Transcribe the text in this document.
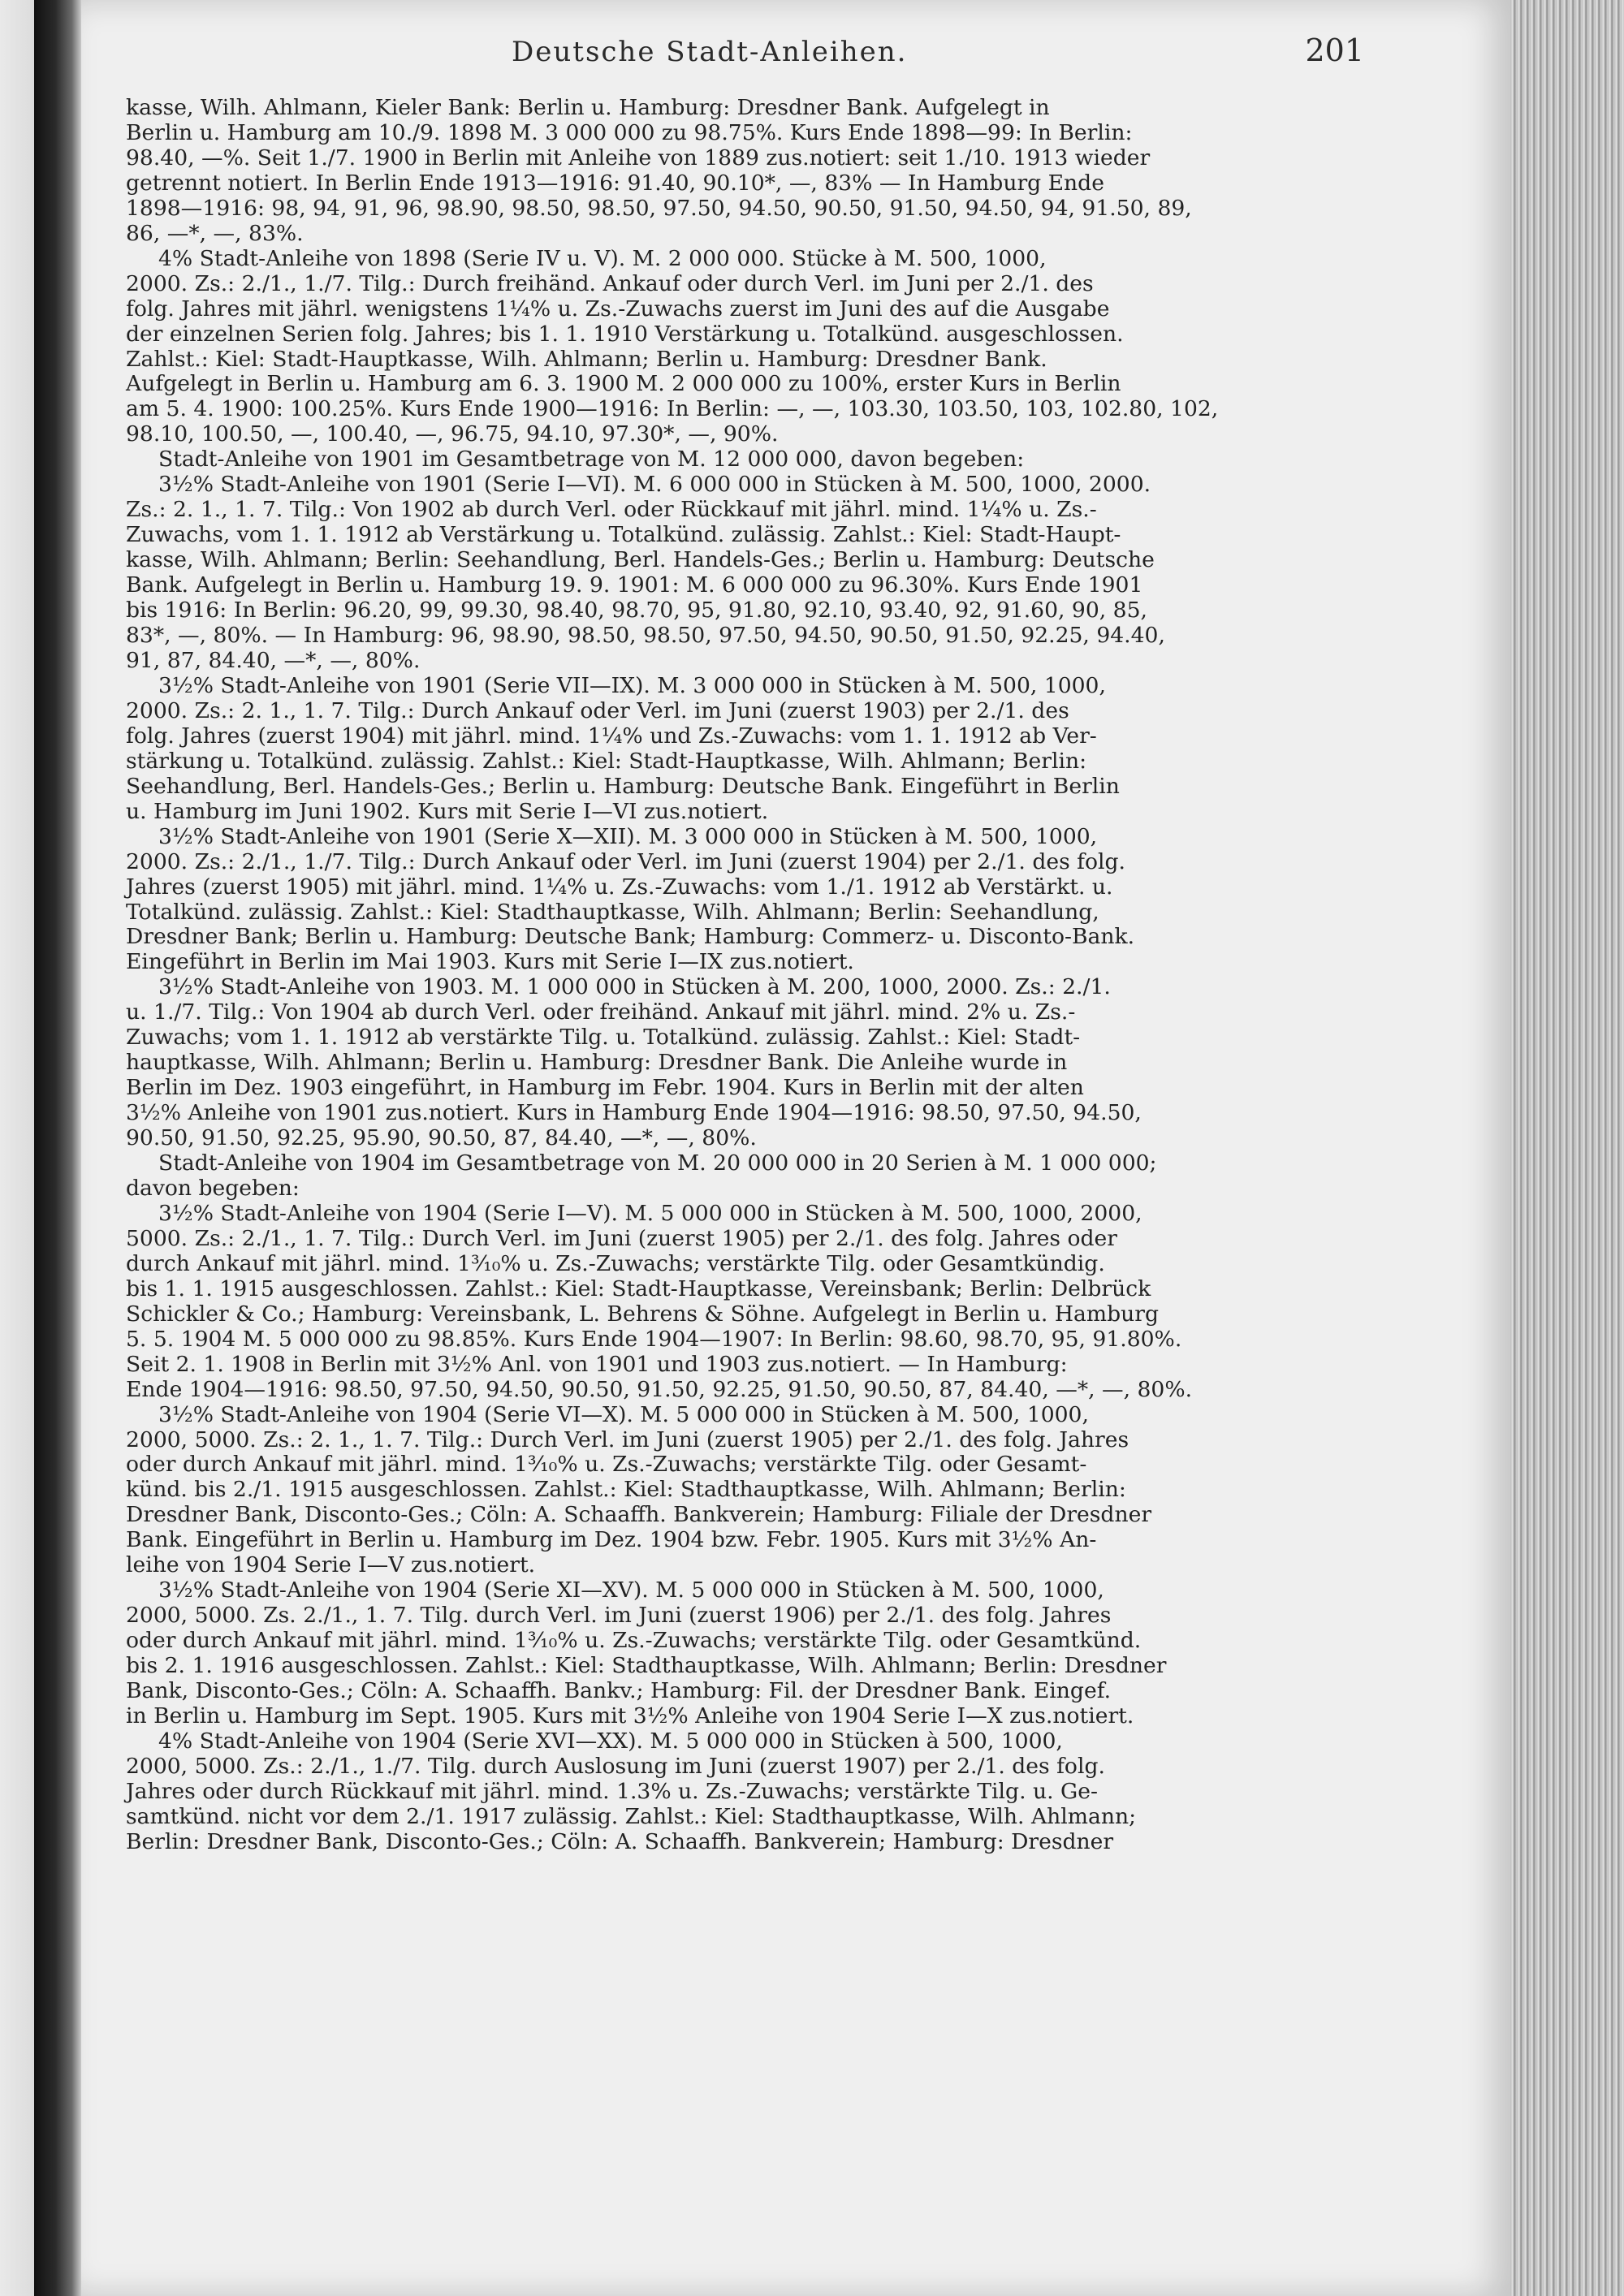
Deutsche Stadt-Anleihen.	201
kasse, Wilh. Ahlmann, Kieler Bank: Berlin u. Hamburg: Dresdner Bank. Aufgelegt in
Berlin u. Hamburg am 10./9. 1898 M. 3 000 000 zu 98.75%. Kurs Ende 1898—99: In Berlin:
98.40, —%. Seit 1./7. 1900 in Berlin mit Anleihe von 1889 zus.notiert: seit 1./10. 1913 wieder
getrennt notiert. In Berlin Ende 1913—1916: 91.40, 90.10*, —, 83% — In Hamburg Ende
1898—1916: 98, 94, 91, 96, 98.90, 98.50, 98.50, 97.50, 94.50, 90.50, 91.50, 94.50, 94, 91.50, 89,
86, —*, —, 83%.
4% Stadt-Anleihe von 1898 (Serie IV u. V). M. 2 000 000. Stücke à M. 500, 1000,
2000. Zs.: 2./1., 1./7. Tilg.: Durch freihänd. Ankauf oder durch Verl. im Juni per 2./1. des
folg. Jahres mit jährl. wenigstens 1¼% u. Zs.-Zuwachs zuerst im Juni des auf die Ausgabe
der einzelnen Serien folg. Jahres; bis 1. 1. 1910 Verstärkung u. Totalkünd. ausgeschlossen.
Zahlst.: Kiel: Stadt-Hauptkasse, Wilh. Ahlmann; Berlin u. Hamburg: Dresdner Bank.
Aufgelegt in Berlin u. Hamburg am 6. 3. 1900 M. 2 000 000 zu 100%, erster Kurs in Berlin
am 5. 4. 1900: 100.25%. Kurs Ende 1900—1916: In Berlin: —, —, 103.30, 103.50, 103, 102.80, 102,
98.10, 100.50, —, 100.40, —, 96.75, 94.10, 97.30*, —, 90%.
Stadt-Anleihe von 1901 im Gesamtbetrage von M. 12 000 000, davon begeben:
3½% Stadt-Anleihe von 1901 (Serie I—VI). M. 6 000 000 in Stücken à M. 500, 1000, 2000.
Zs.: 2. 1., 1. 7. Tilg.: Von 1902 ab durch Verl. oder Rückkauf mit jährl. mind. 1¼% u. Zs.-
Zuwachs, vom 1. 1. 1912 ab Verstärkung u. Totalkünd. zulässig. Zahlst.: Kiel: Stadt-Haupt-
kasse, Wilh. Ahlmann; Berlin: Seehandlung, Berl. Handels-Ges.; Berlin u. Hamburg: Deutsche
Bank. Aufgelegt in Berlin u. Hamburg 19. 9. 1901: M. 6 000 000 zu 96.30%. Kurs Ende 1901
bis 1916: In Berlin: 96.20, 99, 99.30, 98.40, 98.70, 95, 91.80, 92.10, 93.40, 92, 91.60, 90, 85,
83*, —, 80%. — In Hamburg: 96, 98.90, 98.50, 98.50, 97.50, 94.50, 90.50, 91.50, 92.25, 94.40,
91, 87, 84.40, —*, —, 80%.
3½% Stadt-Anleihe von 1901 (Serie VII—IX). M. 3 000 000 in Stücken à M. 500, 1000,
2000. Zs.: 2. 1., 1. 7. Tilg.: Durch Ankauf oder Verl. im Juni (zuerst 1903) per 2./1. des
folg. Jahres (zuerst 1904) mit jährl. mind. 1¼% und Zs.-Zuwachs: vom 1. 1. 1912 ab Ver-
stärkung u. Totalkünd. zulässig. Zahlst.: Kiel: Stadt-Hauptkasse, Wilh. Ahlmann; Berlin:
Seehandlung, Berl. Handels-Ges.; Berlin u. Hamburg: Deutsche Bank. Eingeführt in Berlin
u. Hamburg im Juni 1902. Kurs mit Serie I—VI zus.notiert.
3½% Stadt-Anleihe von 1901 (Serie X—XII). M. 3 000 000 in Stücken à M. 500, 1000,
2000. Zs.: 2./1., 1./7. Tilg.: Durch Ankauf oder Verl. im Juni (zuerst 1904) per 2./1. des folg.
Jahres (zuerst 1905) mit jährl. mind. 1¼% u. Zs.-Zuwachs: vom 1./1. 1912 ab Verstärkt. u.
Totalkünd. zulässig. Zahlst.: Kiel: Stadthauptkasse, Wilh. Ahlmann; Berlin: Seehandlung,
Dresdner Bank; Berlin u. Hamburg: Deutsche Bank; Hamburg: Commerz- u. Disconto-Bank.
Eingeführt in Berlin im Mai 1903. Kurs mit Serie I—IX zus.notiert.
3½% Stadt-Anleihe von 1903. M. 1 000 000 in Stücken à M. 200, 1000, 2000. Zs.: 2./1.
u. 1./7. Tilg.: Von 1904 ab durch Verl. oder freihänd. Ankauf mit jährl. mind. 2% u. Zs.-
Zuwachs; vom 1. 1. 1912 ab verstärkte Tilg. u. Totalkünd. zulässig. Zahlst.: Kiel: Stadt-
hauptkasse, Wilh. Ahlmann; Berlin u. Hamburg: Dresdner Bank. Die Anleihe wurde in
Berlin im Dez. 1903 eingeführt, in Hamburg im Febr. 1904. Kurs in Berlin mit der alten
3½% Anleihe von 1901 zus.notiert. Kurs in Hamburg Ende 1904—1916: 98.50, 97.50, 94.50,
90.50, 91.50, 92.25, 95.90, 90.50, 87, 84.40, —*, —, 80%.
Stadt-Anleihe von 1904 im Gesamtbetrage von M. 20 000 000 in 20 Serien à M. 1 000 000;
davon begeben:
3½% Stadt-Anleihe von 1904 (Serie I—V). M. 5 000 000 in Stücken à M. 500, 1000, 2000,
5000. Zs.: 2./1., 1. 7. Tilg.: Durch Verl. im Juni (zuerst 1905) per 2./1. des folg. Jahres oder
durch Ankauf mit jährl. mind. 1³⁄₁₀% u. Zs.-Zuwachs; verstärkte Tilg. oder Gesamtkündig.
bis 1. 1. 1915 ausgeschlossen. Zahlst.: Kiel: Stadt-Hauptkasse, Vereinsbank; Berlin: Delbrück
Schickler & Co.; Hamburg: Vereinsbank, L. Behrens & Söhne. Aufgelegt in Berlin u. Hamburg
5. 5. 1904 M. 5 000 000 zu 98.85%. Kurs Ende 1904—1907: In Berlin: 98.60, 98.70, 95, 91.80%.
Seit 2. 1. 1908 in Berlin mit 3½% Anl. von 1901 und 1903 zus.notiert. — In Hamburg:
Ende 1904—1916: 98.50, 97.50, 94.50, 90.50, 91.50, 92.25, 91.50, 90.50, 87, 84.40, —*, —, 80%.
3½% Stadt-Anleihe von 1904 (Serie VI—X). M. 5 000 000 in Stücken à M. 500, 1000,
2000, 5000. Zs.: 2. 1., 1. 7. Tilg.: Durch Verl. im Juni (zuerst 1905) per 2./1. des folg. Jahres
oder durch Ankauf mit jährl. mind. 1³⁄₁₀% u. Zs.-Zuwachs; verstärkte Tilg. oder Gesamt-
künd. bis 2./1. 1915 ausgeschlossen. Zahlst.: Kiel: Stadthauptkasse, Wilh. Ahlmann; Berlin:
Dresdner Bank, Disconto-Ges.; Cöln: A. Schaaffh. Bankverein; Hamburg: Filiale der Dresdner
Bank. Eingeführt in Berlin u. Hamburg im Dez. 1904 bzw. Febr. 1905. Kurs mit 3½% An-
leihe von 1904 Serie I—V zus.notiert.
3½% Stadt-Anleihe von 1904 (Serie XI—XV). M. 5 000 000 in Stücken à M. 500, 1000,
2000, 5000. Zs. 2./1., 1. 7. Tilg. durch Verl. im Juni (zuerst 1906) per 2./1. des folg. Jahres
oder durch Ankauf mit jährl. mind. 1³⁄₁₀% u. Zs.-Zuwachs; verstärkte Tilg. oder Gesamtkünd.
bis 2. 1. 1916 ausgeschlossen. Zahlst.: Kiel: Stadthauptkasse, Wilh. Ahlmann; Berlin: Dresdner
Bank, Disconto-Ges.; Cöln: A. Schaaffh. Bankv.; Hamburg: Fil. der Dresdner Bank. Eingef.
in Berlin u. Hamburg im Sept. 1905. Kurs mit 3½% Anleihe von 1904 Serie I—X zus.notiert.
4% Stadt-Anleihe von 1904 (Serie XVI—XX). M. 5 000 000 in Stücken à 500, 1000,
2000, 5000. Zs.: 2./1., 1./7. Tilg. durch Auslosung im Juni (zuerst 1907) per 2./1. des folg.
Jahres oder durch Rückkauf mit jährl. mind. 1.3% u. Zs.-Zuwachs; verstärkte Tilg. u. Ge-
samtkünd. nicht vor dem 2./1. 1917 zulässig. Zahlst.: Kiel: Stadthauptkasse, Wilh. Ahlmann;
Berlin: Dresdner Bank, Disconto-Ges.; Cöln: A. Schaaffh. Bankverein; Hamburg: Dresdner
